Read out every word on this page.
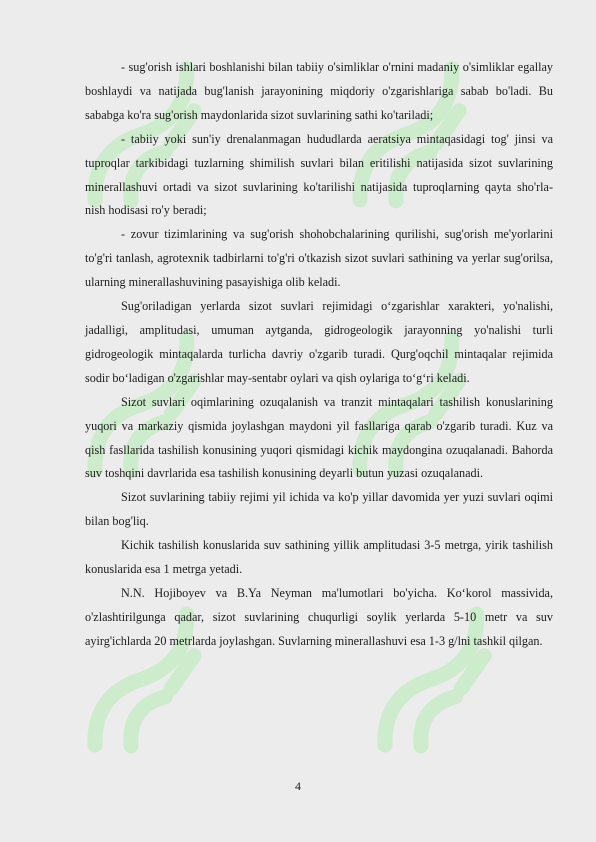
- sug'orish ishlari boshlanishi bilan tabiiy o'simliklar o'rnini madaniy o'simliklar egallay boshlaydi va natijada bug'lanish jarayonining miqdoriy o'zgarishlariga sabab bo'ladi. Bu sababga ko'ra sug'orish maydonlarida sizot suvlarining sathi ko'tariladi;

- tabiiy yoki sun'iy drenalanmagan hududlarda aeratsiya mintaqasidagi tog' jinsi va tuproqlar tarkibidagi tuzlarning shimilish suvlari bilan eritilishi natijasida sizot suvlarining minerallashuvi ortadi va sizot suvlarining ko'tarilishi natijasida tuproqlarning qayta sho'rla- nish hodisasi ro'y beradi;

- zovur tizimlarining va sug'orish shohobchalarining qurilishi, sug'orish me'yorlarini to'g'ri tanlash, agrotexnik tadbirlarni to'g'ri o'tkazish sizot suvlari sathining va yerlar sug'orilsa, ularning minerallashuvining pasayishiga olib keladi.

Sug'oriladigan yerlarda sizot suvlari rejimidagi o‘zgarishlar xarakteri, yo'nalishi, jadalligi, amplitudasi, umuman aytganda, gidrogeologik jarayonning yo'nalishi turli gidrogeologik mintaqalarda turlicha davriy o'zgarib turadi. Qurg'oqchil mintaqalar rejimida sodir bo‘ladigan o'zgarishlar may-sentabr oylari va qish oylariga to‘g‘ri keladi.

Sizot suvlari oqimlarining ozuqalanish va tranzit mintaqalari tashilish konuslarining yuqori va markaziy qismida joylashgan maydoni yil fasllariga qarab o'zgarib turadi. Kuz va qish fasllarida tashilish konusining yuqori qismidagi kichik maydongina ozuqalanadi. Bahorda suv toshqini davrlarida esa tashilish konusining deyarli butun yuzasi ozuqalanadi.

Sizot suvlarining tabiiy rejimi yil ichida va ko'p yillar davomida yer yuzi suvlari oqimi bilan bog'liq.

Kichik tashilish konuslarida suv sathining yillik amplitudasi 3-5 metrga, yirik tashilish konuslarida esa 1 metrga yetadi.

N.N. Hojiboyev va B.Ya Neyman ma'lumotlari bo'yicha. Ko‘korol massivida, o'zlashtirilgunga qadar, sizot suvlarining chuqurligi soylik yerlarda 5-10 metr va suv ayirg'ichlarda 20 metrlarda joylashgan. Suvlarning minerallashuvi esa 1-3 g/lni tashkil qilgan.

4
